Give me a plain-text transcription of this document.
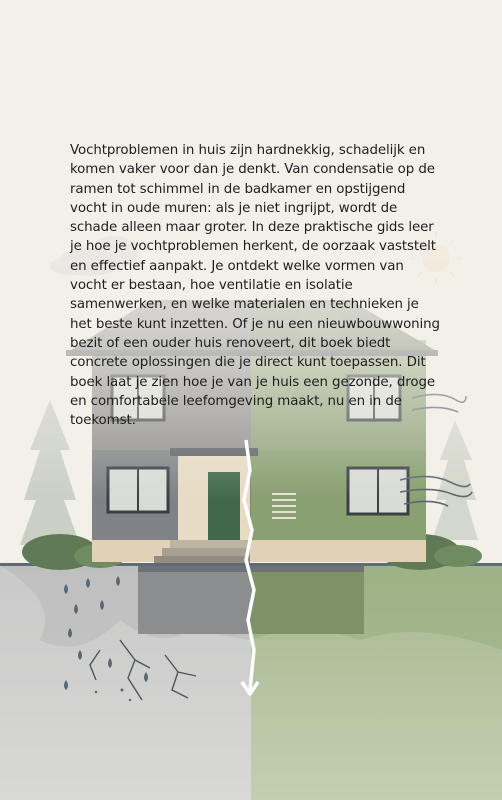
Vochtproblemen in huis zijn hardnekkig, schadelijk en komen vaker voor dan je denkt. Van condensatie op de ramen tot schimmel in de badkamer en opstijgend vocht in oude muren: als je niet ingrijpt, wordt de schade alleen maar groter. In deze praktische gids leer je hoe je vochtproblemen herkent, de oorzaak vaststelt en effectief aanpakt. Je ontdekt welke vormen van vocht er bestaan, hoe ventilatie en isolatie samenwerken, en welke materialen en technieken je het beste kunt inzetten. Of je nu een nieuwbouwwoning bezit of een ouder huis renoveert, dit boek biedt concrete oplossingen die je direct kunt toepassen. Dit boek laat je zien hoe je van je huis een gezonde, droge en comfortabele leefomgeving maakt, nu en in de toekomst.
